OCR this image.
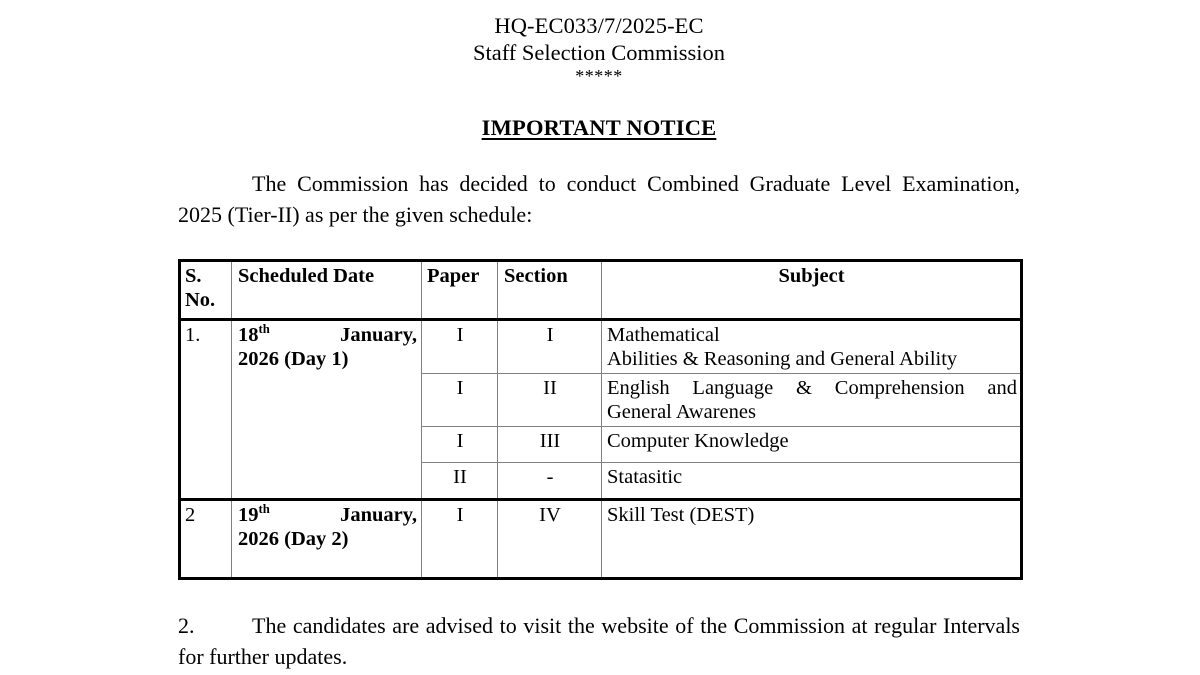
HQ-EC033/7/2025-EC
Staff Selection Commission
*****
IMPORTANT NOTICE

The Commission has decided to conduct Combined Graduate Level Examination, 2025 (Tier-II) as per the given schedule:

S. No.	Scheduled Date	Paper	Section	Subject
1.	18th January,
2026 (Day 1)	I	I	Mathematical
Abilities & Reasoning and General Ability

		I	II	English Language & Comprehension and
General Awarenes

		I	III	Computer Knowledge

		II	-	Statasitic

2	19th January,
2026 (Day 2)	I	IV	Skill Test (DEST)

2.	The candidates are advised to visit the website of the Commission at regular Intervals for further updates.
